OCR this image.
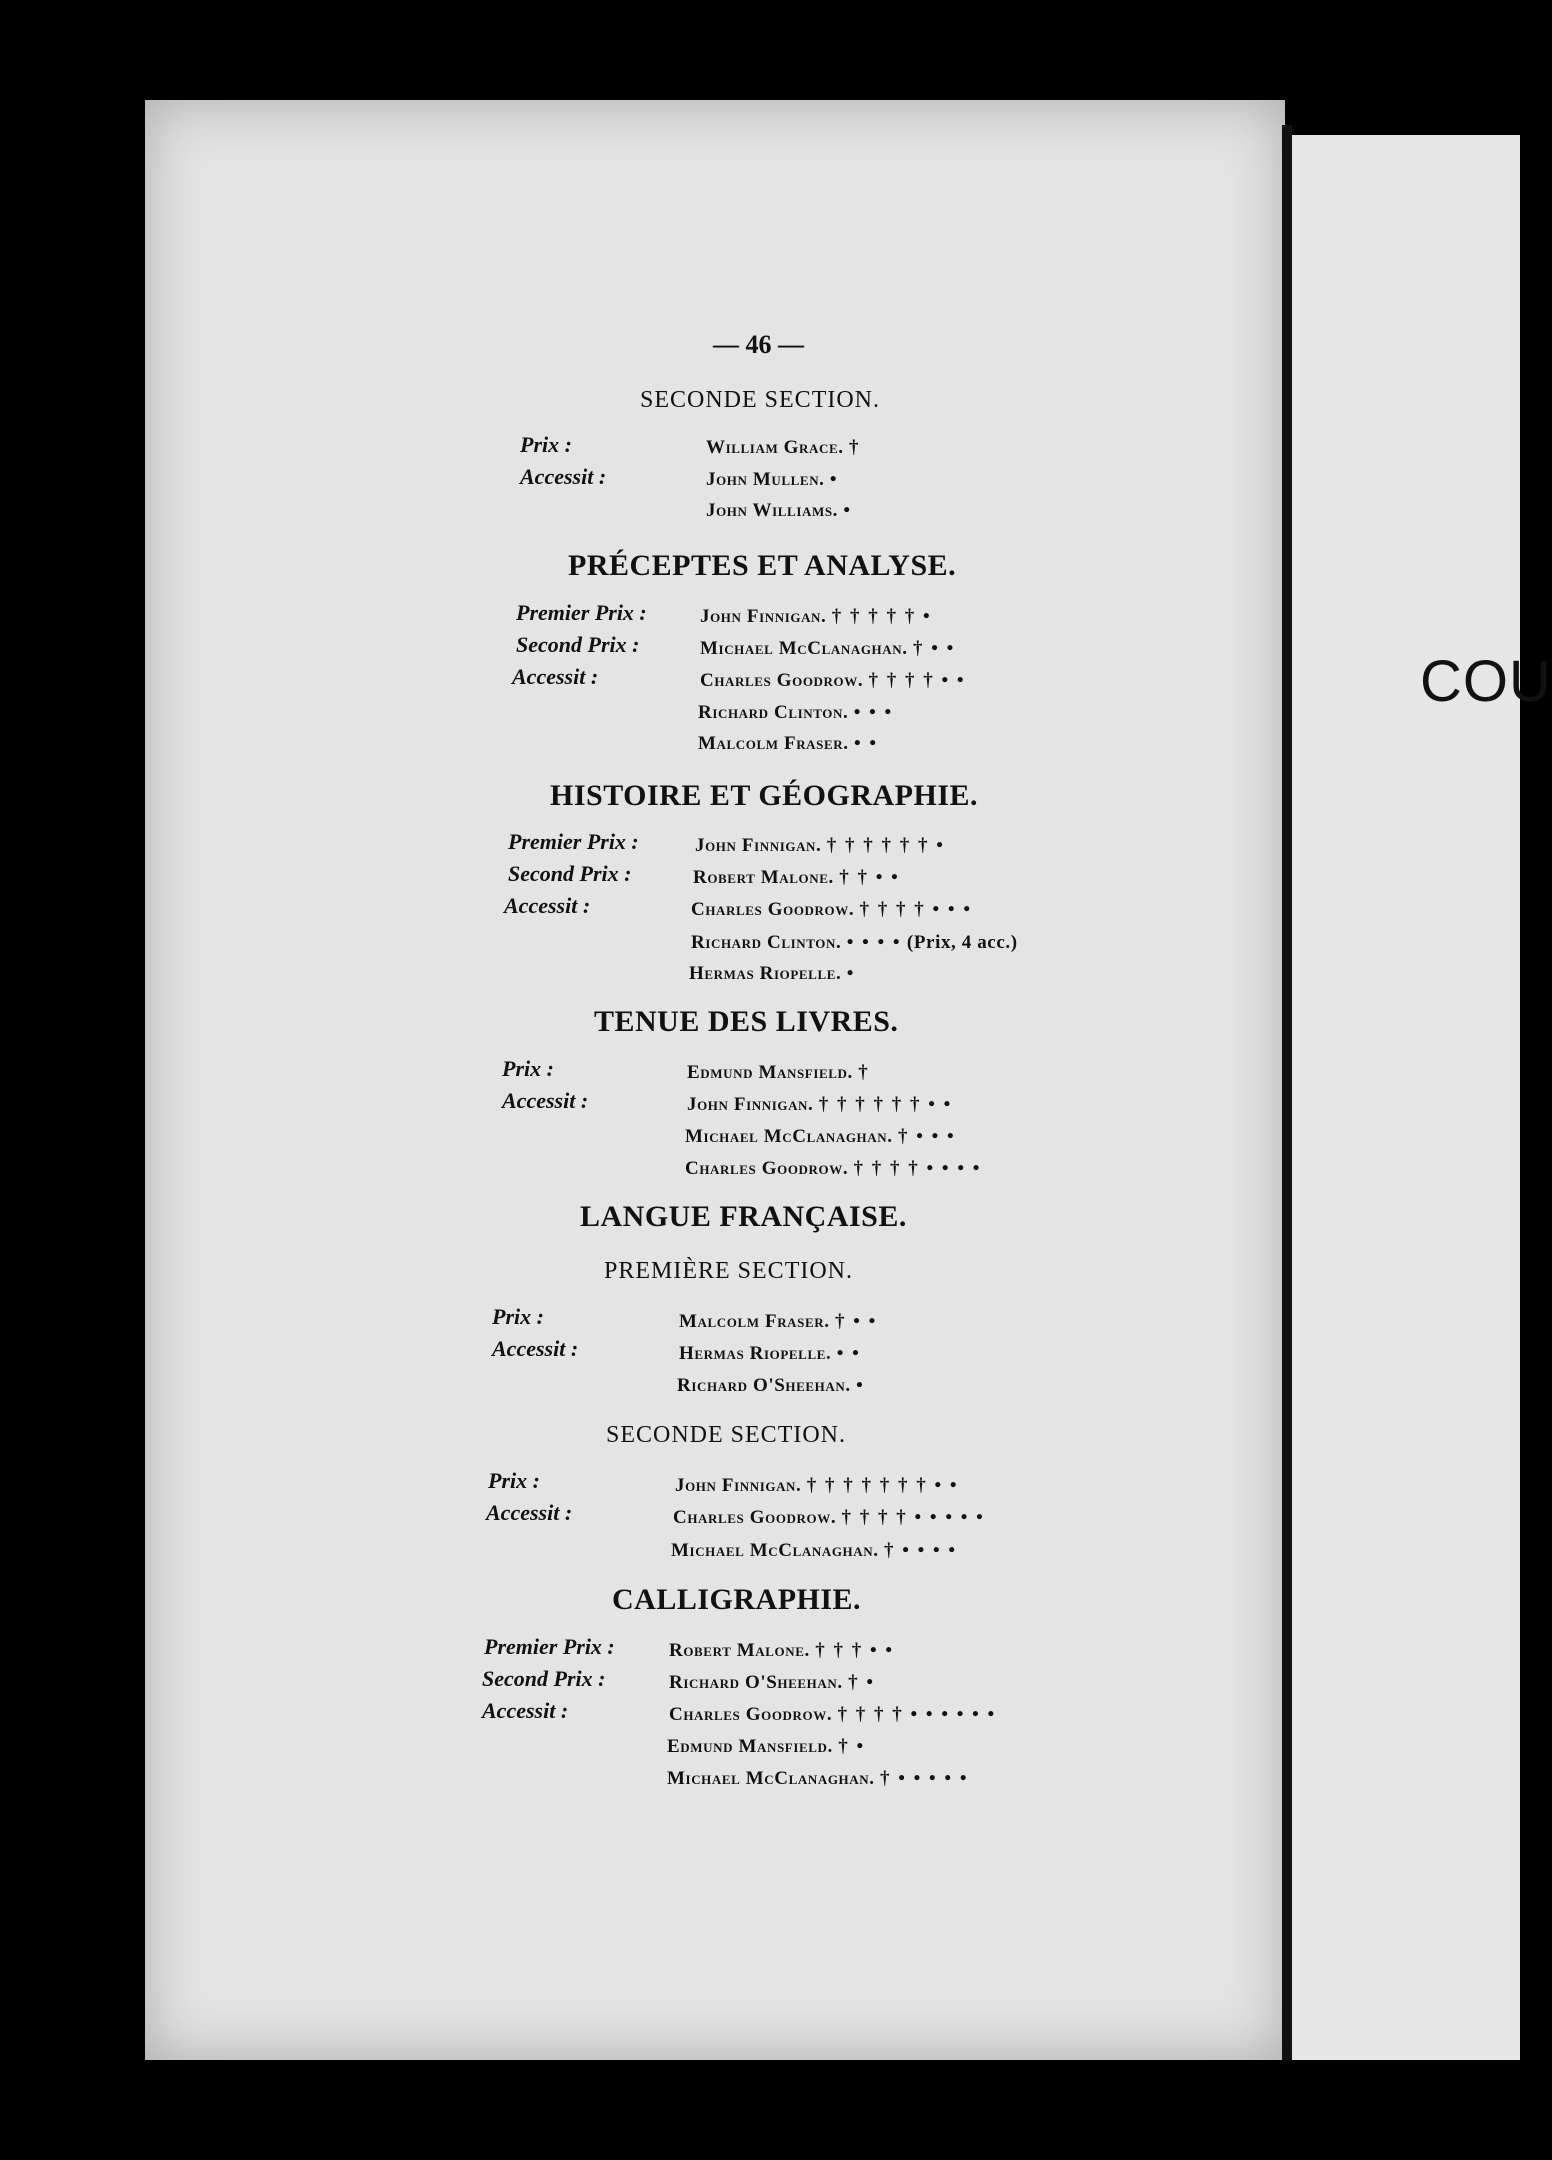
COU
— 46 —
SECONDE SECTION.
Prix :
Accessit :
William Grace. †
John Mullen. •
John Williams. •
PRÉCEPTES ET ANALYSE.
Premier Prix :
Second Prix :
Accessit :
John Finnigan. † † † † † •
Michael McClanaghan. † • •
Charles Goodrow. † † † † • •
Richard Clinton. • • •
Malcolm Fraser. • •
HISTOIRE ET GÉOGRAPHIE.
Premier Prix :
Second Prix :
Accessit :
John Finnigan. † † † † † † •
Robert Malone. † † • •
Charles Goodrow. † † † † • • •
Richard Clinton. • • • • (Prix, 4 acc.)
Hermas Riopelle. •
TENUE DES LIVRES.
Prix :
Accessit :
Edmund Mansfield. †
John Finnigan. † † † † † † • •
Michael McClanaghan. † • • •
Charles Goodrow. † † † † • • • •
LANGUE FRANÇAISE.
PREMIÈRE SECTION.
Prix :
Accessit :
Malcolm Fraser. † • •
Hermas Riopelle. • •
Richard O'Sheehan. •
SECONDE SECTION.
Prix :
Accessit :
John Finnigan. † † † † † † † • •
Charles Goodrow. † † † † • • • • •
Michael McClanaghan. † • • • •
CALLIGRAPHIE.
Premier Prix :
Second Prix :
Accessit :
Robert Malone. † † † • •
Richard O'Sheehan. † •
Charles Goodrow. † † † † • • • • • •
Edmund Mansfield. † •
Michael McClanaghan. † • • • • •
